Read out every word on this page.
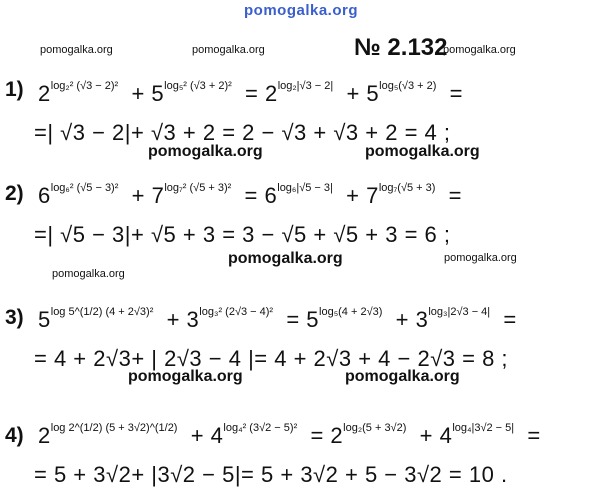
pomogalka.org
pomogalka.org	pomogalka.org	pomogalka.org
pomogalka.org	pomogalka.org
pomogalka.org	pomogalka.org
pomogalka.org
pomogalka.org	pomogalka.org
№ 2.132
1) $2^{log_2^2 (√3 - 2)^2} + 5^{log_5^2 (√3 + 2)^2} = 2^{log_2|√3 - 2|} + 5^{log_5(√3 + 2)}$ =
=| √3 − 2|+ √3 + 2 = 2 − √3 + √3 + 2 = 4 ;
2) $6^{log_6^2 (√5 - 3)^2} + 7^{log_7^2 (√5 + 3)^2} = 6^{log_6|√5 - 3|} + 7^{log_7(√5 + 3)}$ =
=| √5 − 3|+ √5 + 3 = 3 − √5 + √5 + 3 = 6 ;
3) $5^{log 5\^{}(1/2) (4 + 2√3)^2} + 3^{log_3^2 (2√3 - 4)^2} = 5^{log_5(4 + 2√3)} + 3^{log_3|2√3 - 4|}$ =
= 4 + 2√3+ | 2√3 − 4 |= 4 + 2√3 + 4 − 2√3 = 8 ;
4) $2^{log 2\^{}(1/2) (5 + 3√2)\^{}(1/2)} + 4^{log_4^2 (3√2 - 5)^2} = 2^{log_2(5 + 3√2)} + 4^{log_4|3√2 - 5|}$ =
= 5 + 3√2+ |3√2 − 5|= 5 + 3√2 + 5 − 3√2 = 10 .
